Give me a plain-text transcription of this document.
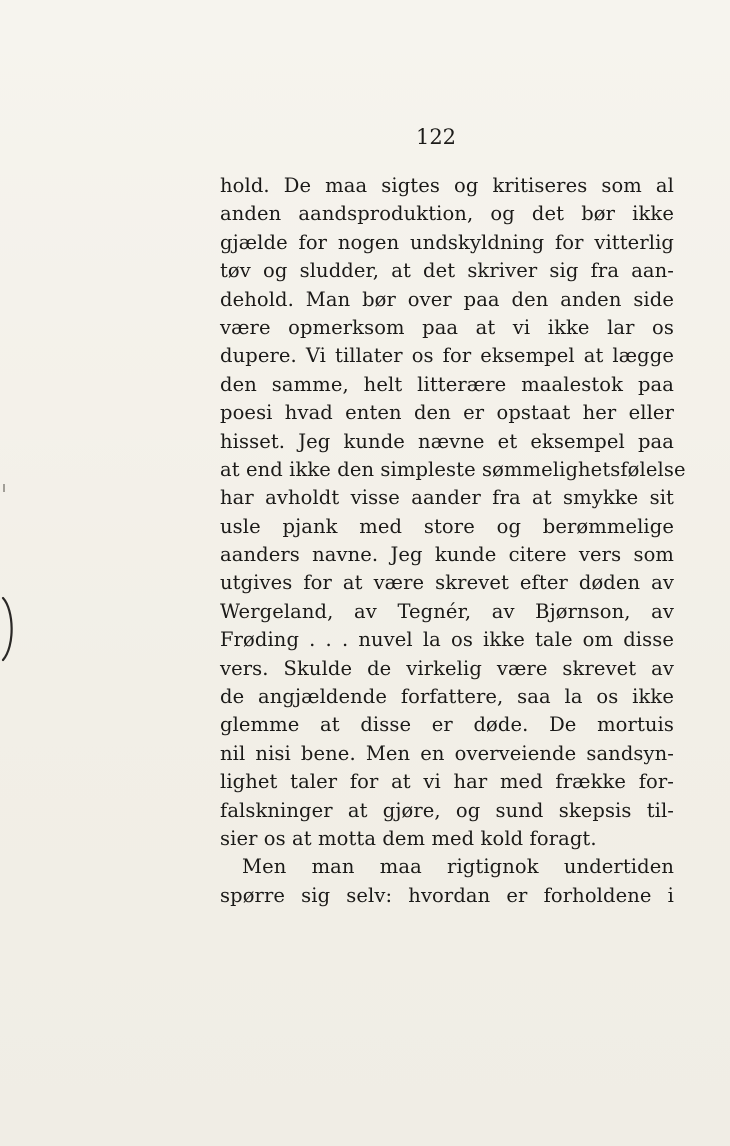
122
hold. De maa sigtes og kritiseres som al
anden aandsproduktion, og det bør ikke
gjælde for nogen undskyldning for vitterlig
tøv og sludder, at det skriver sig fra aan-
dehold. Man bør over paa den anden side
være opmerksom paa at vi ikke lar os
dupere. Vi tillater os for eksempel at lægge
den samme, helt litterære maalestok paa
poesi hvad enten den er opstaat her eller
hisset. Jeg kunde nævne et eksempel paa
at end ikke den simpleste sømmelighetsfølelse
har avholdt visse aander fra at smykke sit
usle pjank med store og berømmelige
aanders navne. Jeg kunde citere vers som
utgives for at være skrevet efter døden av
Wergeland, av Tegnér, av Bjørnson, av
Frøding . . . nuvel la os ikke tale om disse
vers. Skulde de virkelig være skrevet av
de angjældende forfattere, saa la os ikke
glemme at disse er døde. De mortuis
nil nisi bene. Men en overveiende sandsyn-
lighet taler for at vi har med frække for-
falskninger at gjøre, og sund skepsis til-
sier os at motta dem med kold foragt.
Men man maa rigtignok undertiden
spørre sig selv: hvordan er forholdene i
